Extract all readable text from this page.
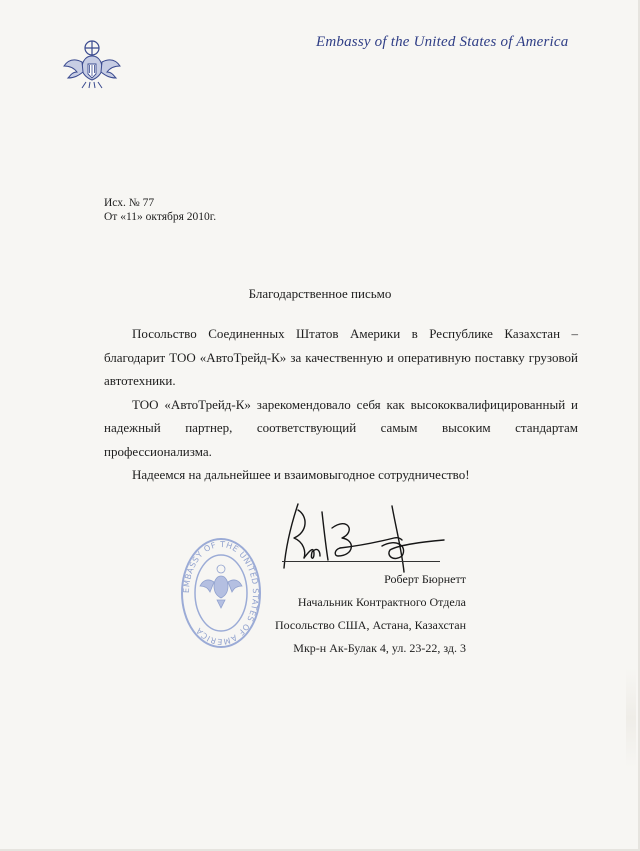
Embassy of the United States of America
Исх. № 77
От «11» октября 2010г.
Благодарственное письмо

Посольство Соединенных Штатов Америки в Республике Казахстан – благодарит ТОО «АвтоТрейд-К» за качественную и оперативную поставку грузовой автотехники.

ТОО «АвтоТрейд-К» зарекомендовало себя как высококвалифицированный и надежный партнер, соответствующий самым высоким стандартам профессионализма.

Надеемся на дальнейшее и взаимовыгодное сотрудничество!

EMBASSY OF THE UNITED STATES OF AMERICA
Роберт Бюрнетт
Начальник Контрактного Отдела
Посольство США, Астана, Казахстан
Мкр-н Ак-Булак 4, ул. 23-22, зд. 3
